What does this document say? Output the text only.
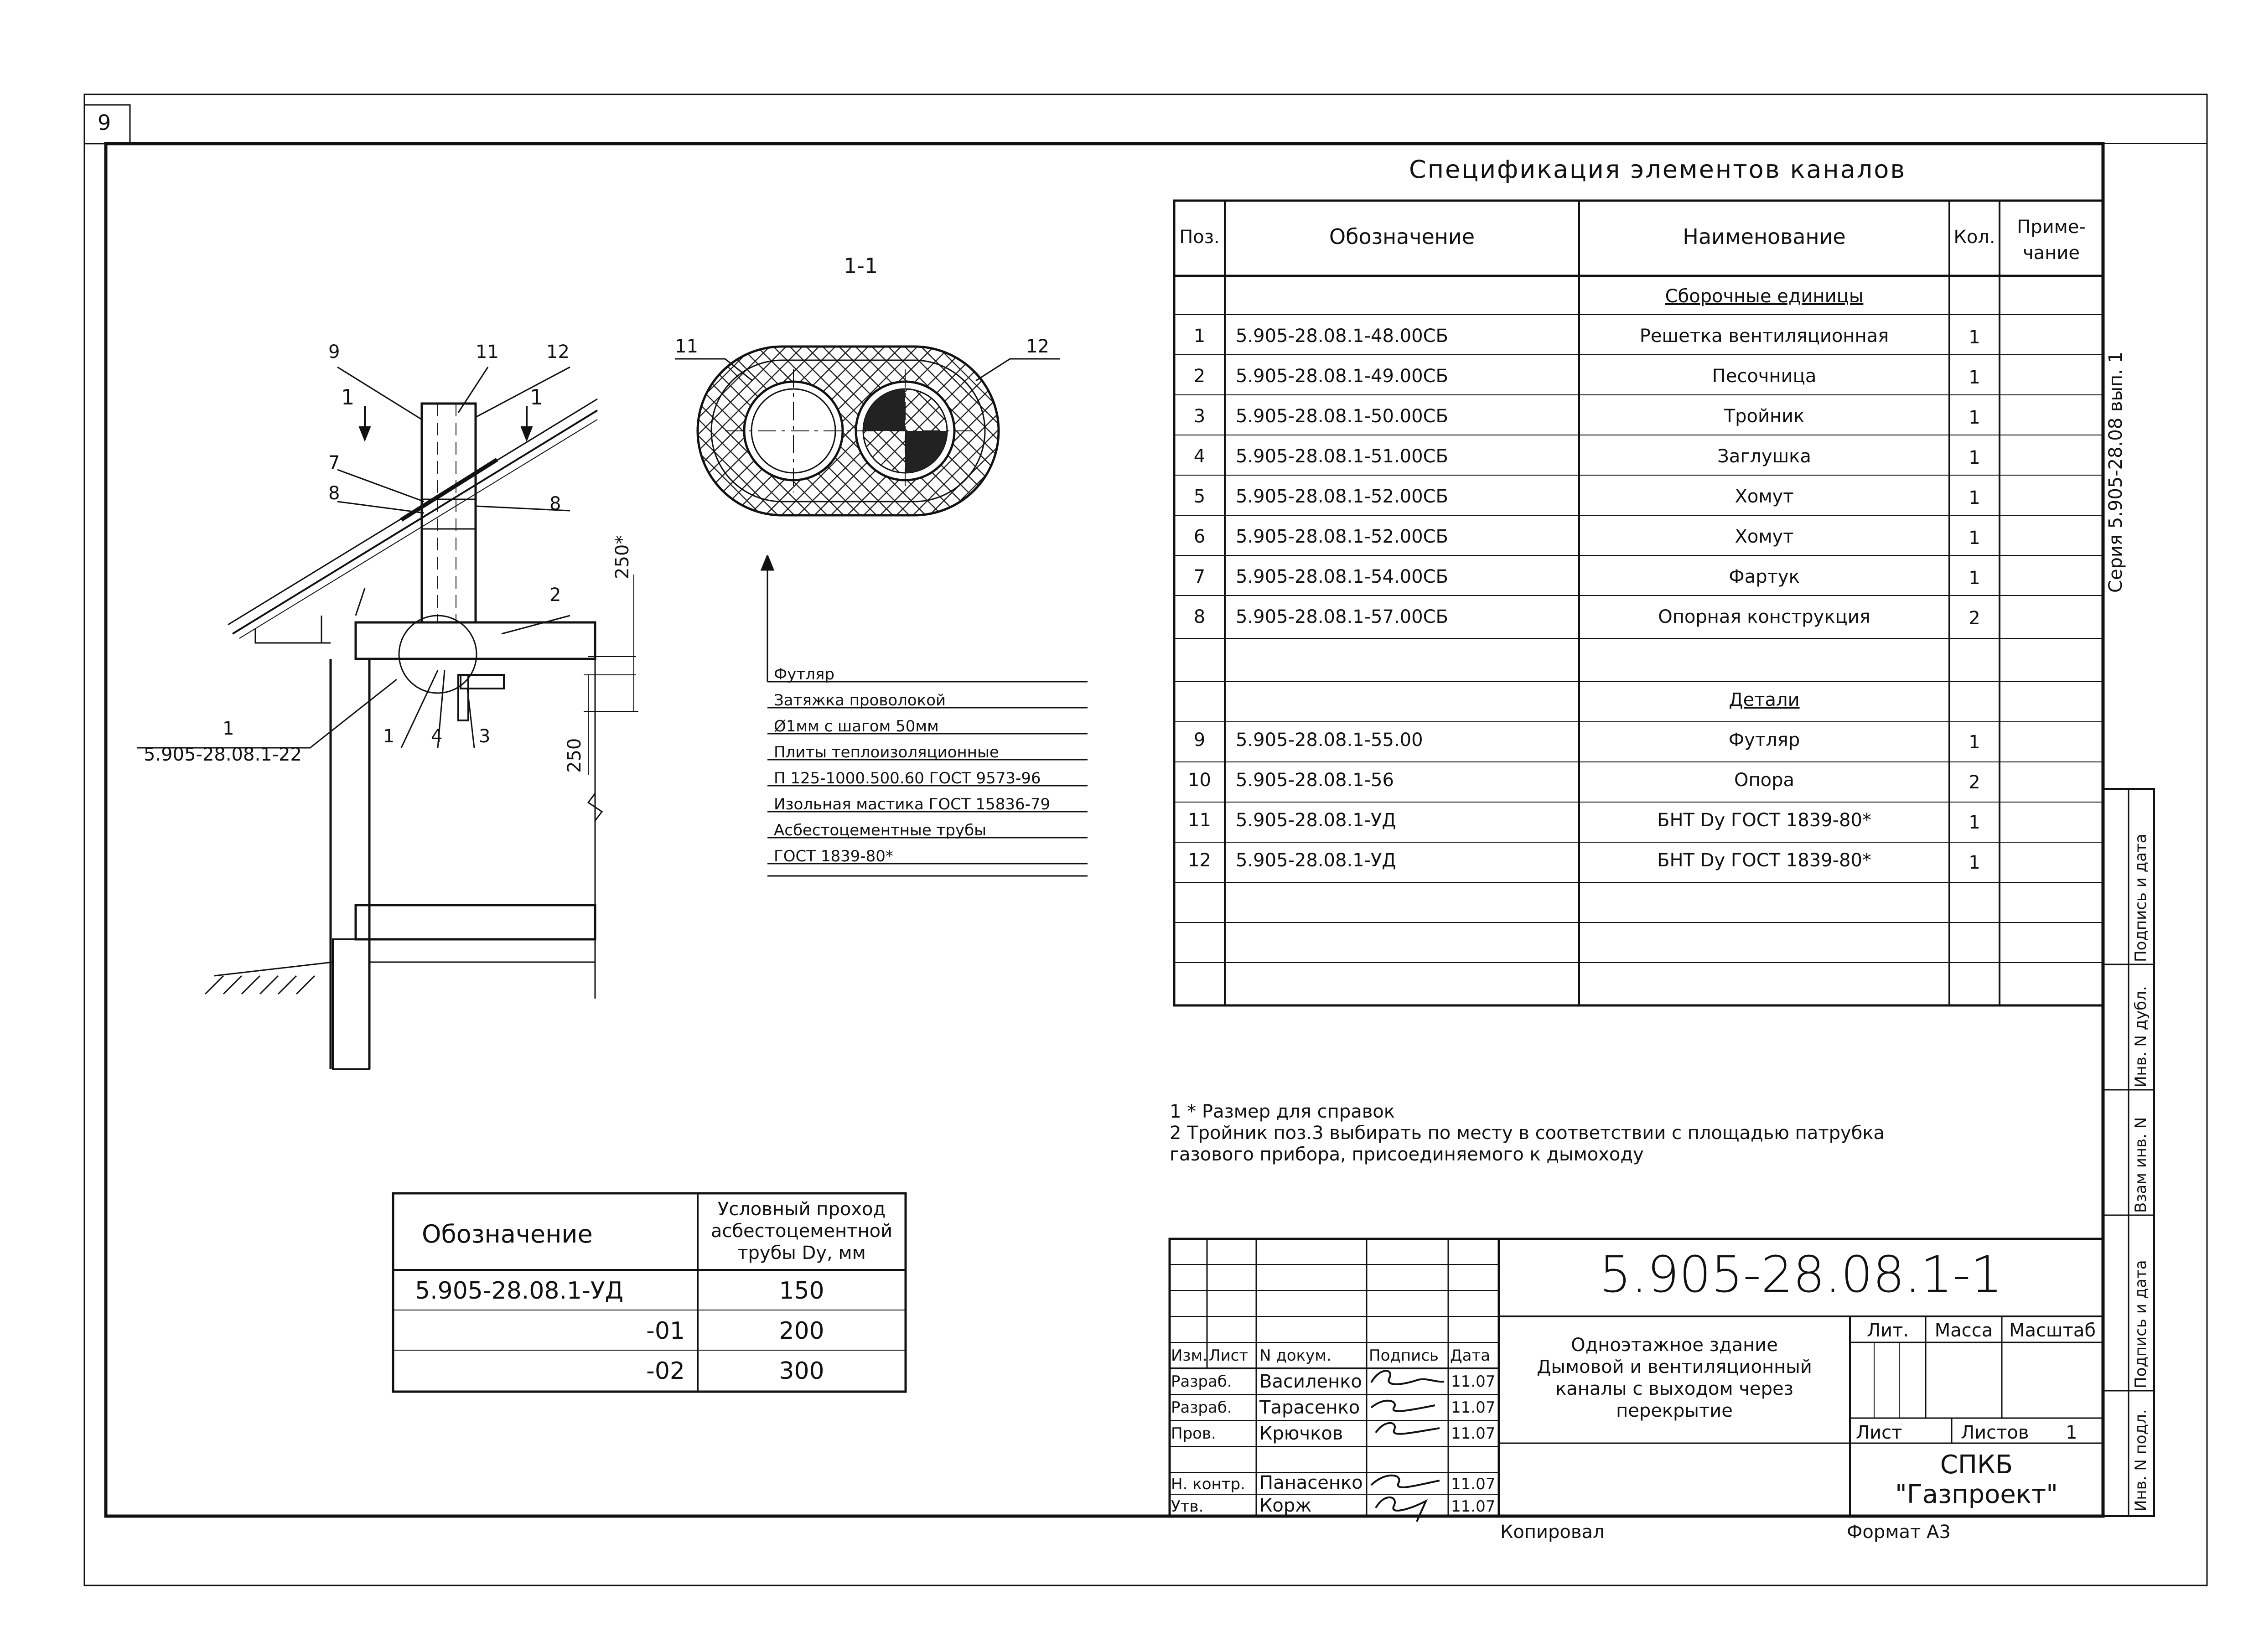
9
1-1
9	11	12
1	1
7
8	8
2
1
5.905-28.08.1-22
1 4 3
250*
250
11	12
Футляр
Затяжка проволокой
Ø1мм с шагом 50мм
Плиты теплоизоляционные
П 125-1000.500.60 ГОСТ 9573-96
Изольная мастика ГОСТ 15836-79
Асбестоцементные трубы
ГОСТ 1839-80*
Спецификация элементов каналов
Поз.	Обозначение	Наименование	Кол.	Приме-
чание
Сборочные единицы
1	5.905-28.08.1-48.00СБ	Решетка вентиляционная	1
2	5.905-28.08.1-49.00СБ	Песочница	1
3	5.905-28.08.1-50.00СБ	Тройник	1
4	5.905-28.08.1-51.00СБ	Заглушка	1
5	5.905-28.08.1-52.00СБ	Хомут	1
6	5.905-28.08.1-52.00СБ	Хомут	1
7	5.905-28.08.1-54.00СБ	Фартук	1
8	5.905-28.08.1-57.00СБ	Опорная конструкция	2
Детали
9	5.905-28.08.1-55.00	Футляр	1
10	5.905-28.08.1-56	Опора	2
11	5.905-28.08.1-УД	БНТ Dу ГОСТ 1839-80*	1
12	5.905-28.08.1-УД	БНТ Dу ГОСТ 1839-80*	1
Серия 5.905-28.08 вып. 1
Подпись и дата
Инв. N дубл.
Взам инв. N
Подпись и дата
Инв. N подл.
1 * Размер для справок
2 Тройник поз.3 выбирать по месту в соответствии с площадью патрубка
газового прибора, присоединяемого к дымоходу
Обозначение
Условный проход
асбестоцементной
трубы Dу, мм
5.905-28.08.1-УД	150
-01	200
-02	300
5.905-28.08.1-1
Одноэтажное здание
Дымовой и вентиляционный
каналы с выходом через
перекрытие
Изм. Лист N докум. Подпись Дата
Лит.	Масса Масштаб
Лист	Листов 1
СПКБ
"Газпроект"
Разраб. Василенко	11.07
Разраб. Тарасенко	11.07
Пров. Крючков	11.07
Н. контр. Панасенко	11.07
Утв.	Корж	11.07
Копировал	Формат А3
